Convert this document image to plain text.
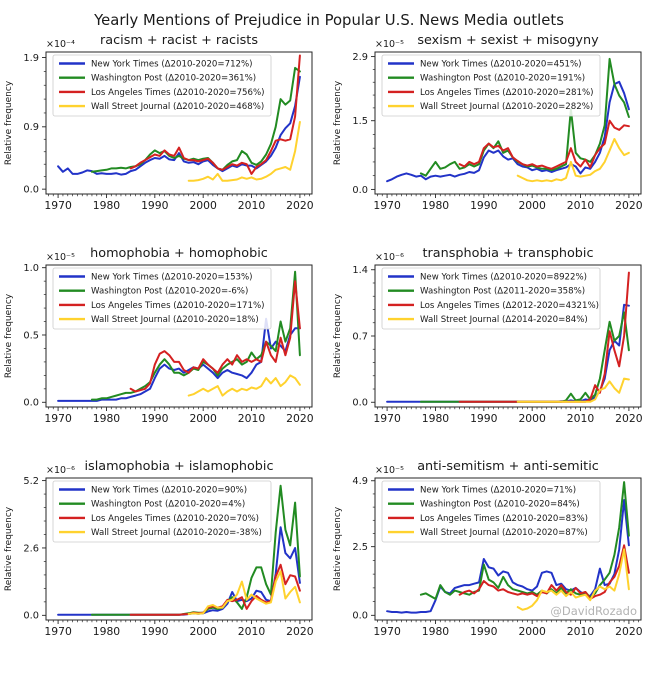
Yearly Mentions of Prejudice in Popular U.S. News Media outlets
racism + racist + racists
×10⁻⁴
Relative frequency
1970 1980 1990 2000 2010 2020
0.0
0.9
1.9
New York Times (Δ2010-2020=712%)
Washington Post (Δ2010-2020=361%)
Los Angeles Times (Δ2010-2020=756%)
Wall Street Journal (Δ2010-2020=468%)
sexism + sexist + misogyny
×10⁻⁵
Relative frequency
1970 1980 1990 2000 2010 2020
0.0
1.5
2.9
New York Times (Δ2010-2020=451%)
Washington Post (Δ2010-2020=191%)
Los Angeles Times (Δ2010-2020=281%)
Wall Street Journal (Δ2010-2020=282%)
homophobia + homophobic
×10⁻⁵
Relative frequency
1970 1980 1990 2000 2010 2020
0.0
0.5
1.0
New York Times (Δ2010-2020=153%)
Washington Post (Δ2010-2020=-6%)
Los Angeles Times (Δ2010-2020=171%)
Wall Street Journal (Δ2010-2020=18%)
transphobia + transphobic
×10⁻⁶
Relative frequency
1970 1980 1990 2000 2010 2020
0.0
0.7
1.4
New York Times (Δ2010-2020=8922%)
Washington Post (Δ2011-2020=358%)
Los Angeles Times (Δ2012-2020=4321%)
Wall Street Journal (Δ2014-2020=84%)
islamophobia + islamophobic
×10⁻⁶
Relative frequency
1970 1980 1990 2000 2010 2020
0.0
2.6
5.2
New York Times (Δ2010-2020=90%)
Washington Post (Δ2010-2020=4%)
Los Angeles Times (Δ2010-2020=70%)
Wall Street Journal (Δ2010-2020=-38%)
anti-semitism + anti-semitic
×10⁻⁵
Relative frequency
1970 1980 1990 2000 2010 2020
0.0
2.5
4.9
@DavidRozado
New York Times (Δ2010-2020=71%)
Washington Post (Δ2010-2020=84%)
Los Angeles Times (Δ2010-2020=83%)
Wall Street Journal (Δ2010-2020=87%)
